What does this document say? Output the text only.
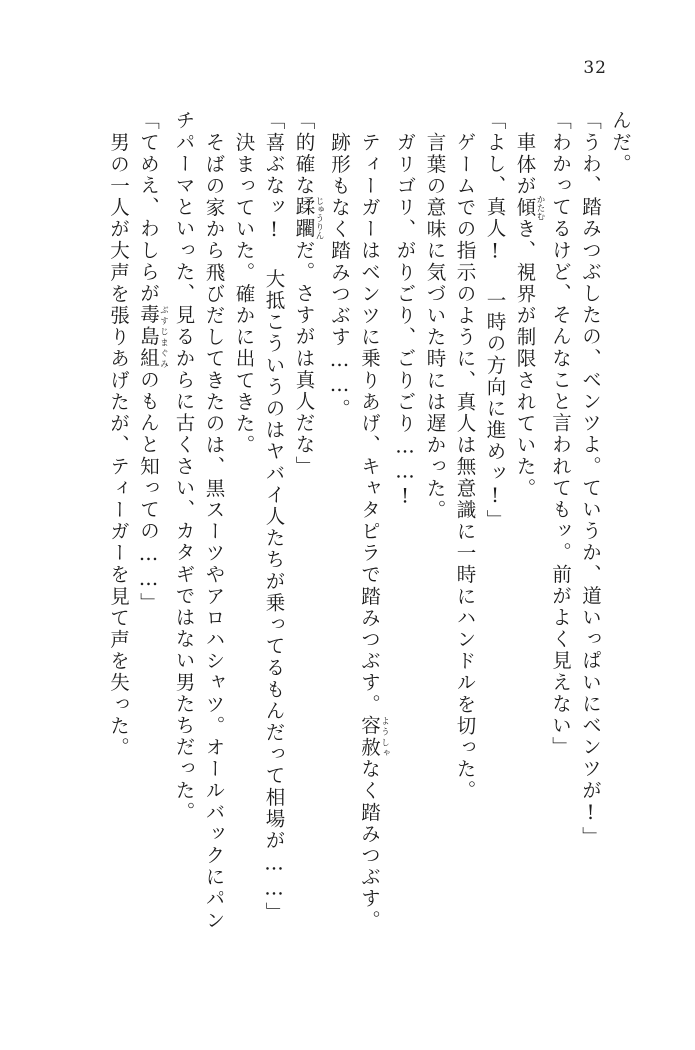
32
んだ。
「うわ、踏みつぶしたの、ベンツよ。ていうか、道いっぱいにベンツが!」
「わかってるけど、そんなこと言われてもッ。前がよく見えない」
車体が傾かたむき、視界が制限されていた。
「よし、真人! 一時の方向に進めッ!」
ゲームでの指示のように、真人は無意識に一時にハンドルを切った。
言葉の意味に気づいた時には遅かった。
ガリゴリ、がりごり、ごりごり……!
ティーガーはベンツに乗りあげ、キャタピラで踏みつぶす。容赦ようしゃなく踏みつぶす。
跡形もなく踏みつぶす……。
「的確な蹂躙じゅうりんだ。さすがは真人だな」
「喜ぶなッ! 大抵こういうのはヤバイ人たちが乗ってるもんだって相場が……」
決まっていた。確かに出てきた。
そばの家から飛びだしてきたのは、黒スーツやアロハシャツ。オールバックにパン
チパーマといった、見るからに古くさい、カタギではない男たちだった。
「てめえ、わしらが毒島組ぶすじまぐみのもんと知っての……」
男の一人が大声を張りあげたが、ティーガーを見て声を失った。
